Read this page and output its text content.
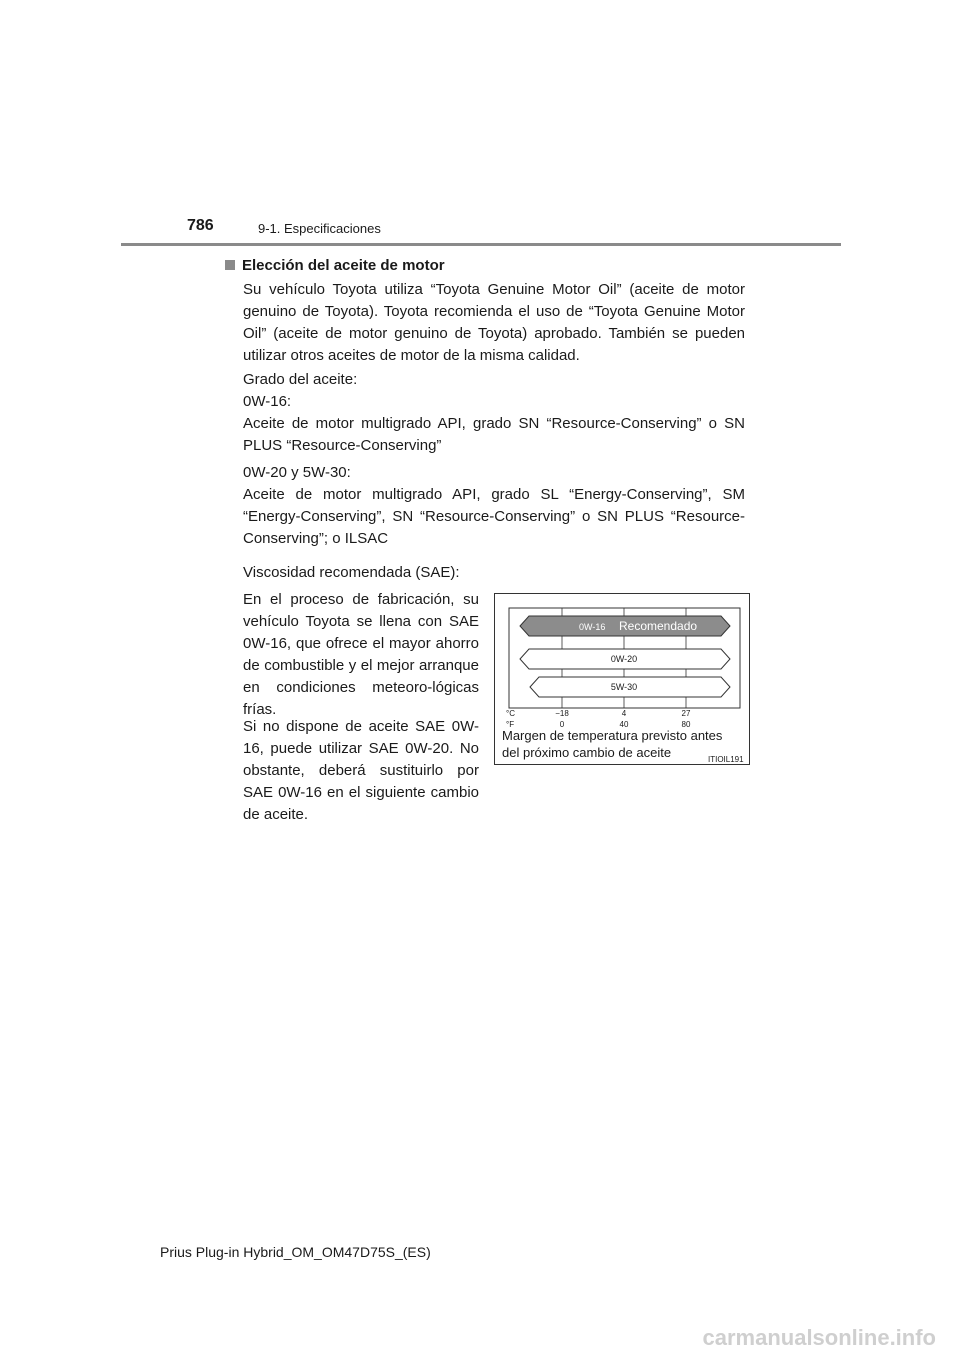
786	9-1. Especificaciones
Elección del aceite de motor
Su vehículo Toyota utiliza “Toyota Genuine Motor Oil” (aceite de motor genuino de Toyota). Toyota recomienda el uso de “Toyota Genuine Motor Oil” (aceite de motor genuino de Toyota) aprobado. También se pueden utilizar otros aceites de motor de la misma calidad.
Grado del aceite:
0W-16:
Aceite de motor multigrado API, grado SN “Resource-Conserving” o SN PLUS “Resource-Conserving”
0W-20 y 5W-30:
Aceite de motor multigrado API, grado SL “Energy-Conserving”, SM “Energy-Conserving”, SN “Resource-Conserving” o SN PLUS “Resource-Conserving”; o ILSAC
Viscosidad recomendada (SAE):
En el proceso de fabricación, su vehículo Toyota se llena con SAE 0W-16, que ofrece el mayor ahorro de combustible y el mejor arranque en condiciones meteoro-lógicas frías.
Si no dispone de aceite SAE 0W-16, puede utilizar SAE 0W-20. No obstante, deberá sustituirlo por SAE 0W-16 en el siguiente cambio de aceite.
0W-16 Recomendado
0W-20
5W-30
°C
°F
−18	4	27
0	40	80
Margen de temperatura previsto antes
del próximo cambio de aceite	ITIOIL191
Prius Plug-in Hybrid_OM_OM47D75S_(ES)
carmanualsonline.info
